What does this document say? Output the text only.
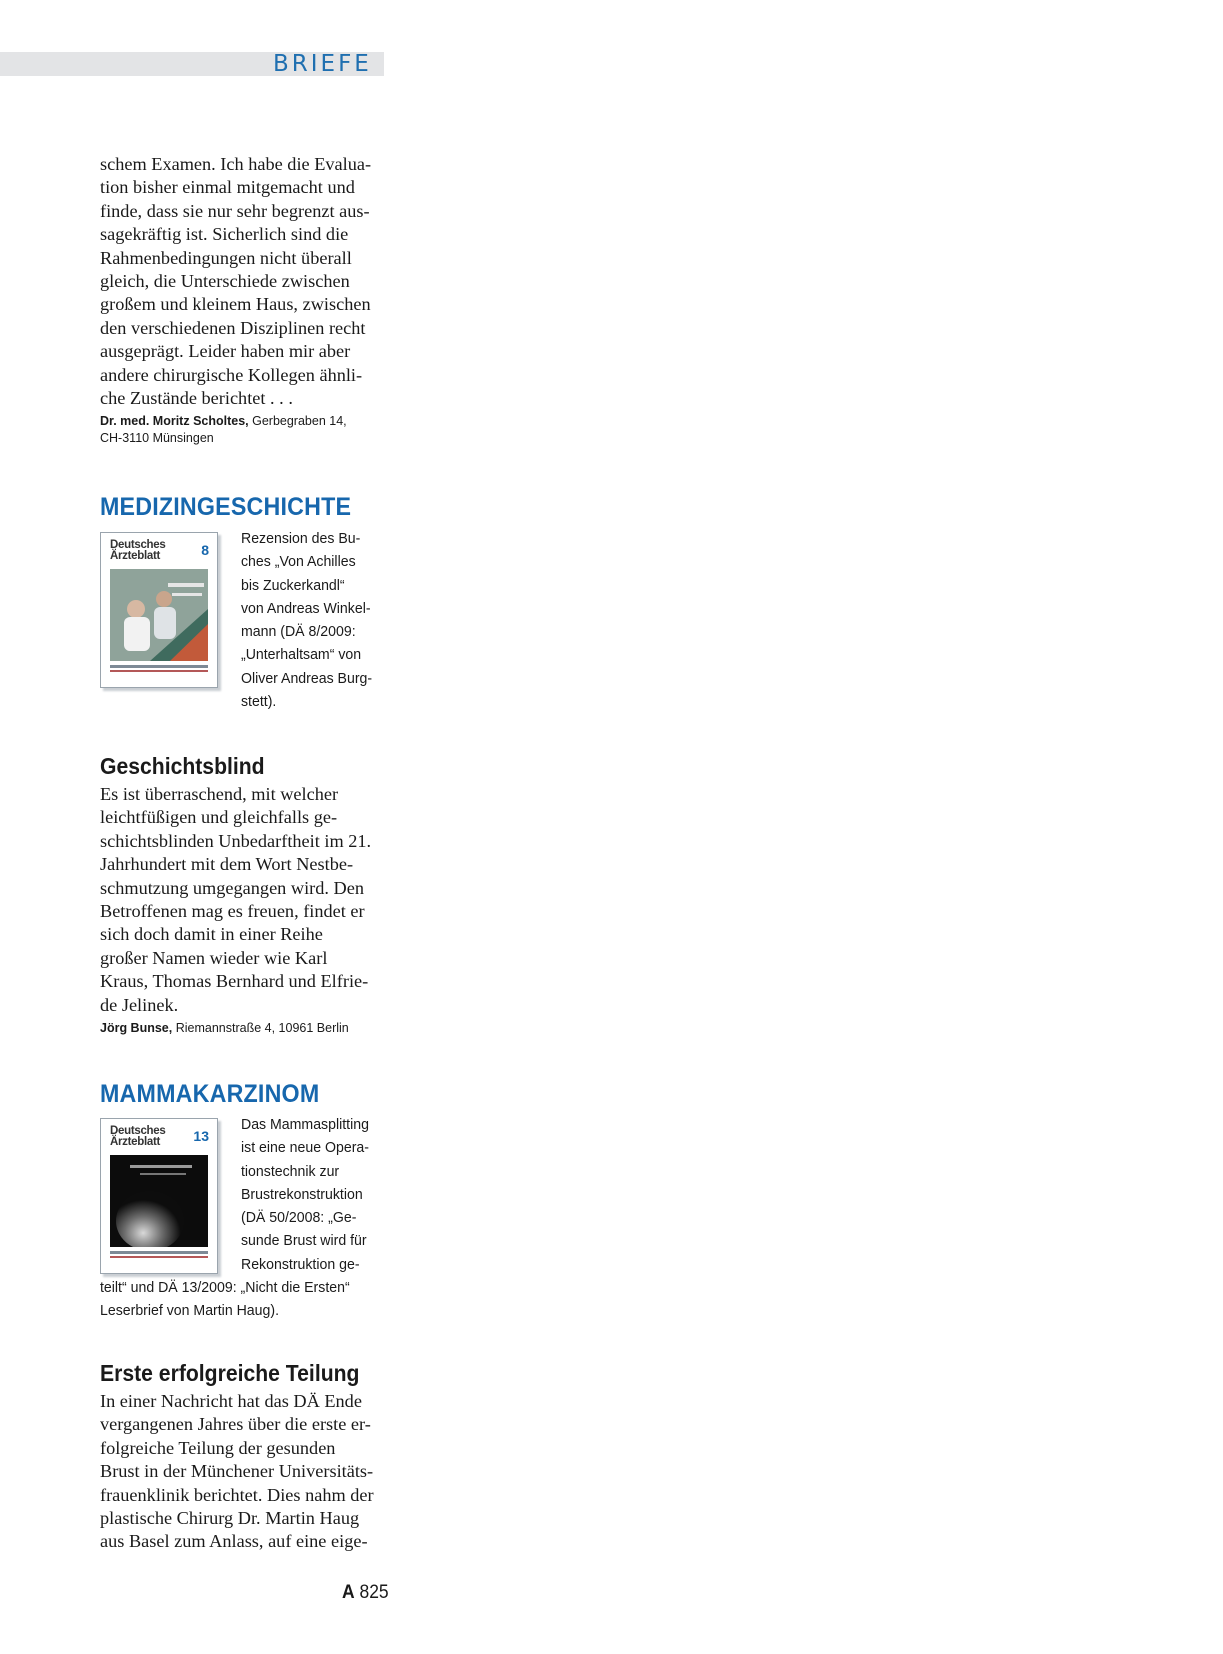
BRIEFE

schem Examen. Ich habe die Evalua-
tion bisher einmal mitgemacht und
finde, dass sie nur sehr begrenzt aus-
sagekräftig ist. Sicherlich sind die
Rahmenbedingungen nicht überall
gleich, die Unterschiede zwischen
großem und kleinem Haus, zwischen
den verschiedenen Disziplinen recht
ausgeprägt. Leider haben mir aber
andere chirurgische Kollegen ähnli-
che Zustände berichtet . . .

Dr. med. Moritz Scholtes, Gerbegraben 14,
CH-3110 Münsingen

MEDIZINGESCHICHTE
Deutsches
Ärzteblatt	8

Rezension des Bu-
ches „Von Achilles
bis Zuckerkandl“
von Andreas Winkel-
mann (DÄ 8/2009:
„Unterhaltsam“ von
Oliver Andreas Burg-
stett).

Geschichtsblind

Es ist überraschend, mit welcher
leichtfüßigen und gleichfalls ge-
schichtsblinden Unbedarftheit im 21.
Jahrhundert mit dem Wort Nestbe-
schmutzung umgegangen wird. Den
Betroffenen mag es freuen, findet er
sich doch damit in einer Reihe
großer Namen wieder wie Karl
Kraus, Thomas Bernhard und Elfrie-
de Jelinek.

Jörg Bunse, Riemannstraße 4, 10961 Berlin

MAMMAKARZINOM
Deutsches
Ärzteblatt	13

Das Mammasplitting
ist eine neue Opera-
tionstechnik zur
Brustrekonstruktion
(DÄ 50/2008: „Ge-
sunde Brust wird für
Rekonstruktion ge-

teilt“ und DÄ 13/2009: „Nicht die Ersten“
Leserbrief von Martin Haug).

Erste erfolgreiche Teilung

In einer Nachricht hat das DÄ Ende
vergangenen Jahres über die erste er-
folgreiche Teilung der gesunden
Brust in der Münchener Universitäts-
frauenklinik berichtet. Dies nahm der
plastische Chirurg Dr. Martin Haug
aus Basel zum Anlass, auf eine eige-

A 825
